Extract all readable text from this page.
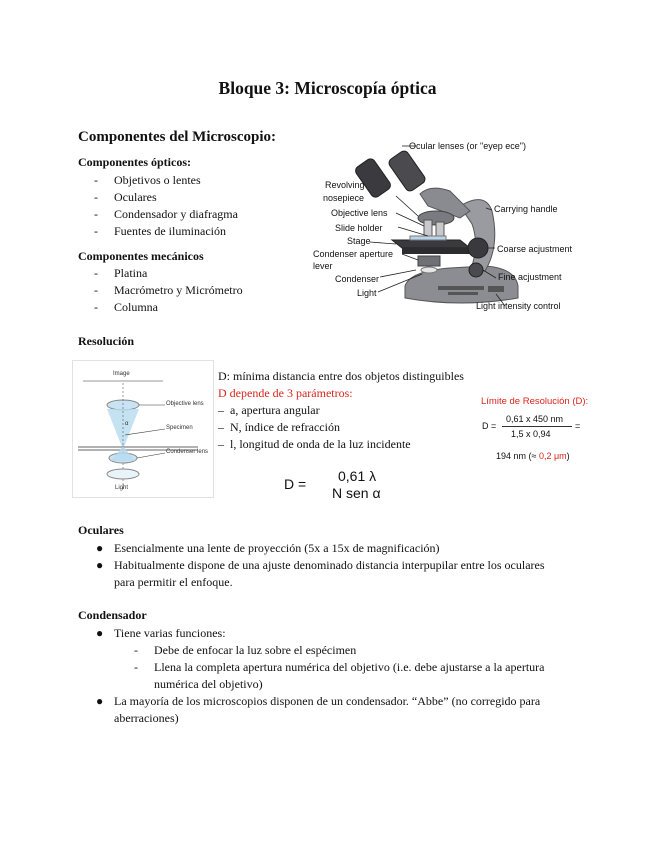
Bloque 3: Microscopía óptica
Componentes del Microscopio:
Componentes ópticos:
- Objetivos o lentes
- Oculares
- Condensador y diafragma
- Fuentes de iluminación
Componentes mecánicos
- Platina
- Macrómetro y Micrómetro
- Columna
Ocular lenses (or "eyep ece")
Revolving
nosepiece
Objective lens
Slide holder
Stage
Condenser aperture
lever
Condenser
Light
Carrying handle
Coarse acjustment
Fine acjustment
Light intensity control
Resolución
Image
Objective lens
Specimen
Condenser lens
Light
α
D: mínima distancia entre dos objetos distinguibles
D depende de 3 parámetros:
– a, apertura angular
– N, índice de refracción
– l, longitud de onda de la luz incidente
D = 0,61 λ
N sen α
Límite de Resolución (D):
D =
0,61 x 450 nm
1,5 x 0,94
=
194 nm (≈ 0,2 μm)
Oculares
● Esencialmente una lente de proyección (5x a 15x de magnificación)
● Habitualmente dispone de una ajuste denominado distancia interpupilar entre los oculares
para permitir el enfoque.
Condensador
● Tiene varias funciones:
- Debe de enfocar la luz sobre el espécimen
- Llena la completa apertura numérica del objetivo (i.e. debe ajustarse a la apertura
numérica del objetivo)
● La mayoría de los microscopios disponen de un condensador. “Abbe” (no corregido para
aberraciones)
